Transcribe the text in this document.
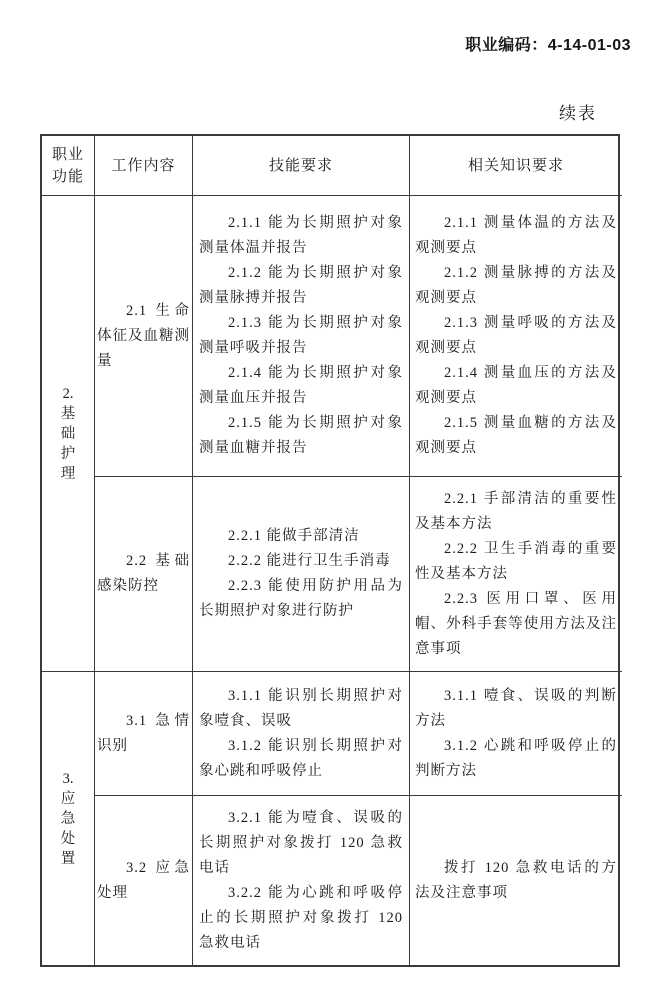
职业编码：4-14-01-03
续表
职业
功能
工作内容	技能要求	相关知识要求
2.
基
础
护
理

2.1 生命体征及血糖测量

2.1.1 能为长期照护对象测量体温并报告

2.1.2 能为长期照护对象测量脉搏并报告

2.1.3 能为长期照护对象测量呼吸并报告

2.1.4 能为长期照护对象测量血压并报告

2.1.5 能为长期照护对象测量血糖并报告

2.1.1 测量体温的方法及观测要点

2.1.2 测量脉搏的方法及观测要点

2.1.3 测量呼吸的方法及观测要点

2.1.4 测量血压的方法及观测要点

2.1.5 测量血糖的方法及观测要点

2.2 基础感染防控

2.2.1 能做手部清洁

2.2.2 能进行卫生手消毒

2.2.3 能使用防护用品为长期照护对象进行防护

2.2.1 手部清洁的重要性及基本方法

2.2.2 卫生手消毒的重要性及基本方法

2.2.3 医用口罩、医用帽、外科手套等使用方法及注意事项

3.
应
急
处
置

3.1 急情识别

3.1.1 能识别长期照护对象噎食、误吸

3.1.2 能识别长期照护对象心跳和呼吸停止

3.1.1 噎食、误吸的判断方法

3.1.2 心跳和呼吸停止的判断方法

3.2 应急处理

3.2.1 能为噎食、误吸的长期照护对象拨打 120 急救电话

3.2.2 能为心跳和呼吸停止的长期照护对象拨打 120 急救电话

拨打 120 急救电话的方法及注意事项
